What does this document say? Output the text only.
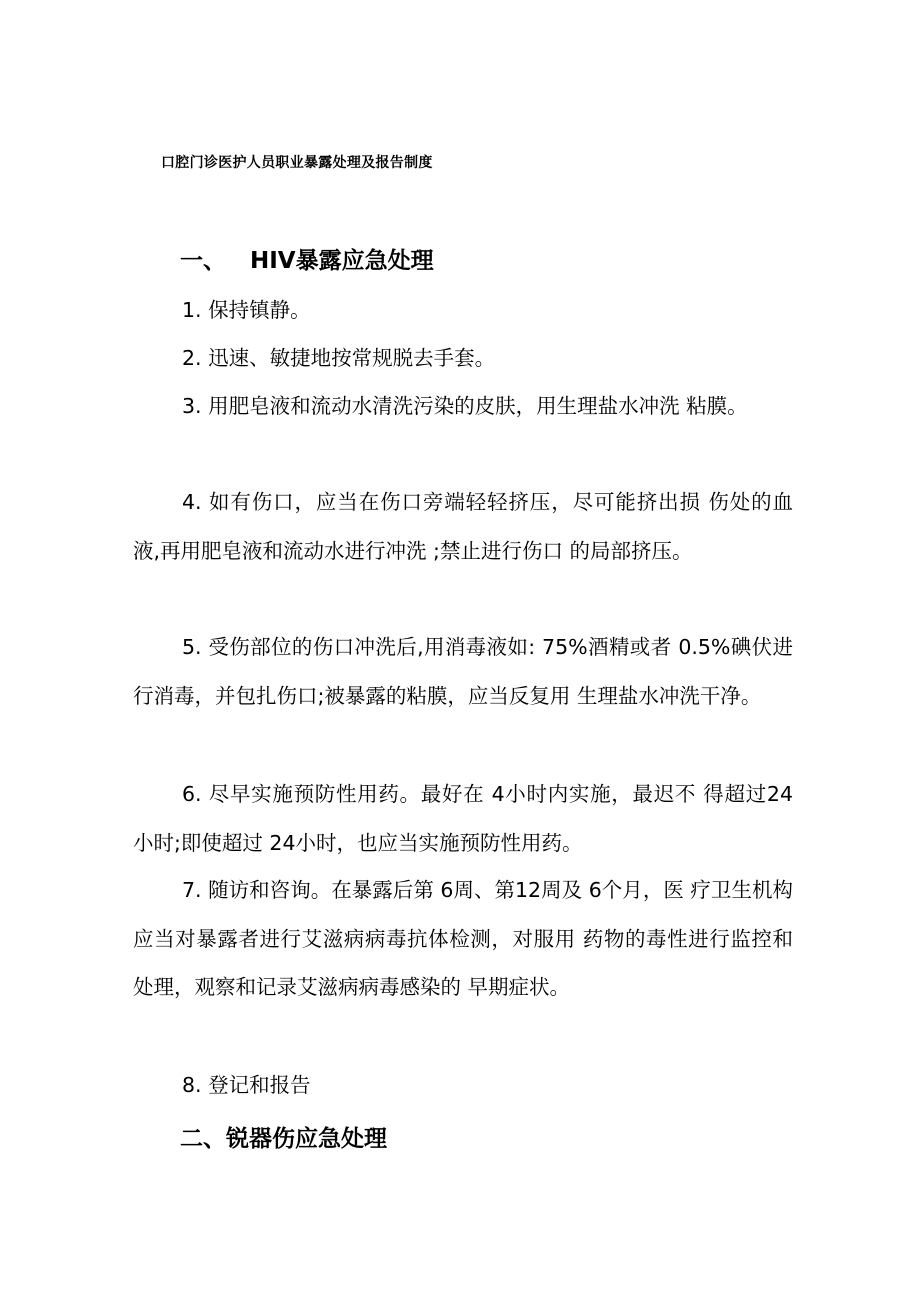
口腔门诊医护人员职业暴露处理及报告制度
一、 HIV暴露应急处理

1. 保持镇静。

2. 迅速、敏捷地按常规脱去手套。

3. 用肥皂液和流动水清洗污染的皮肤，用生理盐水冲洗 粘膜。

4. 如有伤口，应当在伤口旁端轻轻挤压，尽可能挤出损 伤处的血液,再用肥皂液和流动水进行冲洗 ;禁止进行伤口 的局部挤压。

5. 受伤部位的伤口冲洗后,用消毒液如: 75%酒精或者 0.5%碘伏进行消毒，并包扎伤口;被暴露的粘膜，应当反复用 生理盐水冲洗干净。

6. 尽早实施预防性用药。最好在 4小时内实施，最迟不 得超过24小时;即使超过 24小时，也应当实施预防性用药。

7. 随访和咨询。在暴露后第 6周、第12周及 6个月，医 疗卫生机构应当对暴露者进行艾滋病病毒抗体检测，对服用 药物的毒性进行监控和处理，观察和记录艾滋病病毒感染的 早期症状。

8. 登记和报告

二、锐器伤应急处理
